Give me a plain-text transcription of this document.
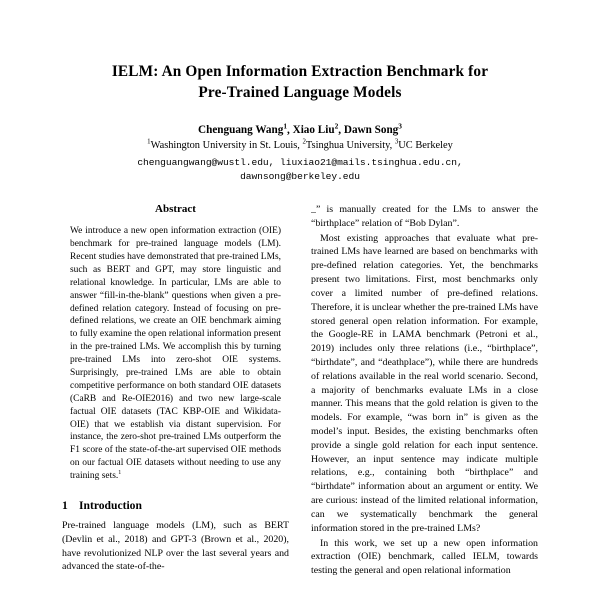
IELM: An Open Information Extraction Benchmark for
Pre-Trained Language Models
Chenguang Wang$^1$, Xiao Liu$^2$, Dawn Song$^3$
$^1$Washington University in St. Louis, $^2$Tsinghua University, $^3$UC Berkeley
chenguangwang@wustl.edu, liuxiao21@mails.tsinghua.edu.cn,
dawnsong@berkeley.edu
Abstract

We introduce a new open information extraction (OIE) benchmark for pre-trained language models (LM). Recent studies have demonstrated that pre-trained LMs, such as BERT and GPT, may store linguistic and relational knowledge. In particular, LMs are able to answer “fill-in-the-blank” questions when given a pre-defined relation category. Instead of focusing on pre-defined relations, we create an OIE benchmark aiming to fully examine the open relational information present in the pre-trained LMs. We accomplish this by turning pre-trained LMs into zero-shot OIE systems. Surprisingly, pre-trained LMs are able to obtain competitive performance on both standard OIE datasets (CaRB and Re-OIE2016) and two new large-scale factual OIE datasets (TAC KBP-OIE and Wikidata-OIE) that we establish via distant supervision. For instance, the zero-shot pre-trained LMs outperform the F1 score of the state-of-the-art supervised OIE methods on our factual OIE datasets without needing to use any training sets.$^1$

1 Introduction

Pre-trained language models (LM), such as BERT (Devlin et al., 2018) and GPT-3 (Brown et al., 2020), have revolutionized NLP over the last several years and advanced the state-of-the-

_” is manually created for the LMs to answer the “birthplace” relation of “Bob Dylan”.

Most existing approaches that evaluate what pre-trained LMs have learned are based on benchmarks with pre-defined relation categories. Yet, the benchmarks present two limitations. First, most benchmarks only cover a limited number of pre-defined relations. Therefore, it is unclear whether the pre-trained LMs have stored general open relation information. For example, the Google-RE in LAMA benchmark (Petroni et al., 2019) includes only three relations (i.e., “birthplace”, “birthdate”, and “deathplace”), while there are hundreds of relations available in the real world scenario. Second, a majority of benchmarks evaluate LMs in a close manner. This means that the gold relation is given to the models. For example, “was born in” is given as the model’s input. Besides, the existing benchmarks often provide a single gold relation for each input sentence. However, an input sentence may indicate multiple relations, e.g., containing both “birthplace” and “birthdate” information about an argument or entity. We are curious: instead of the limited relational information, can we systematically benchmark the general information stored in the pre-trained LMs?

In this work, we set up a new open information extraction (OIE) benchmark, called IELM, towards testing the general and open relational information
